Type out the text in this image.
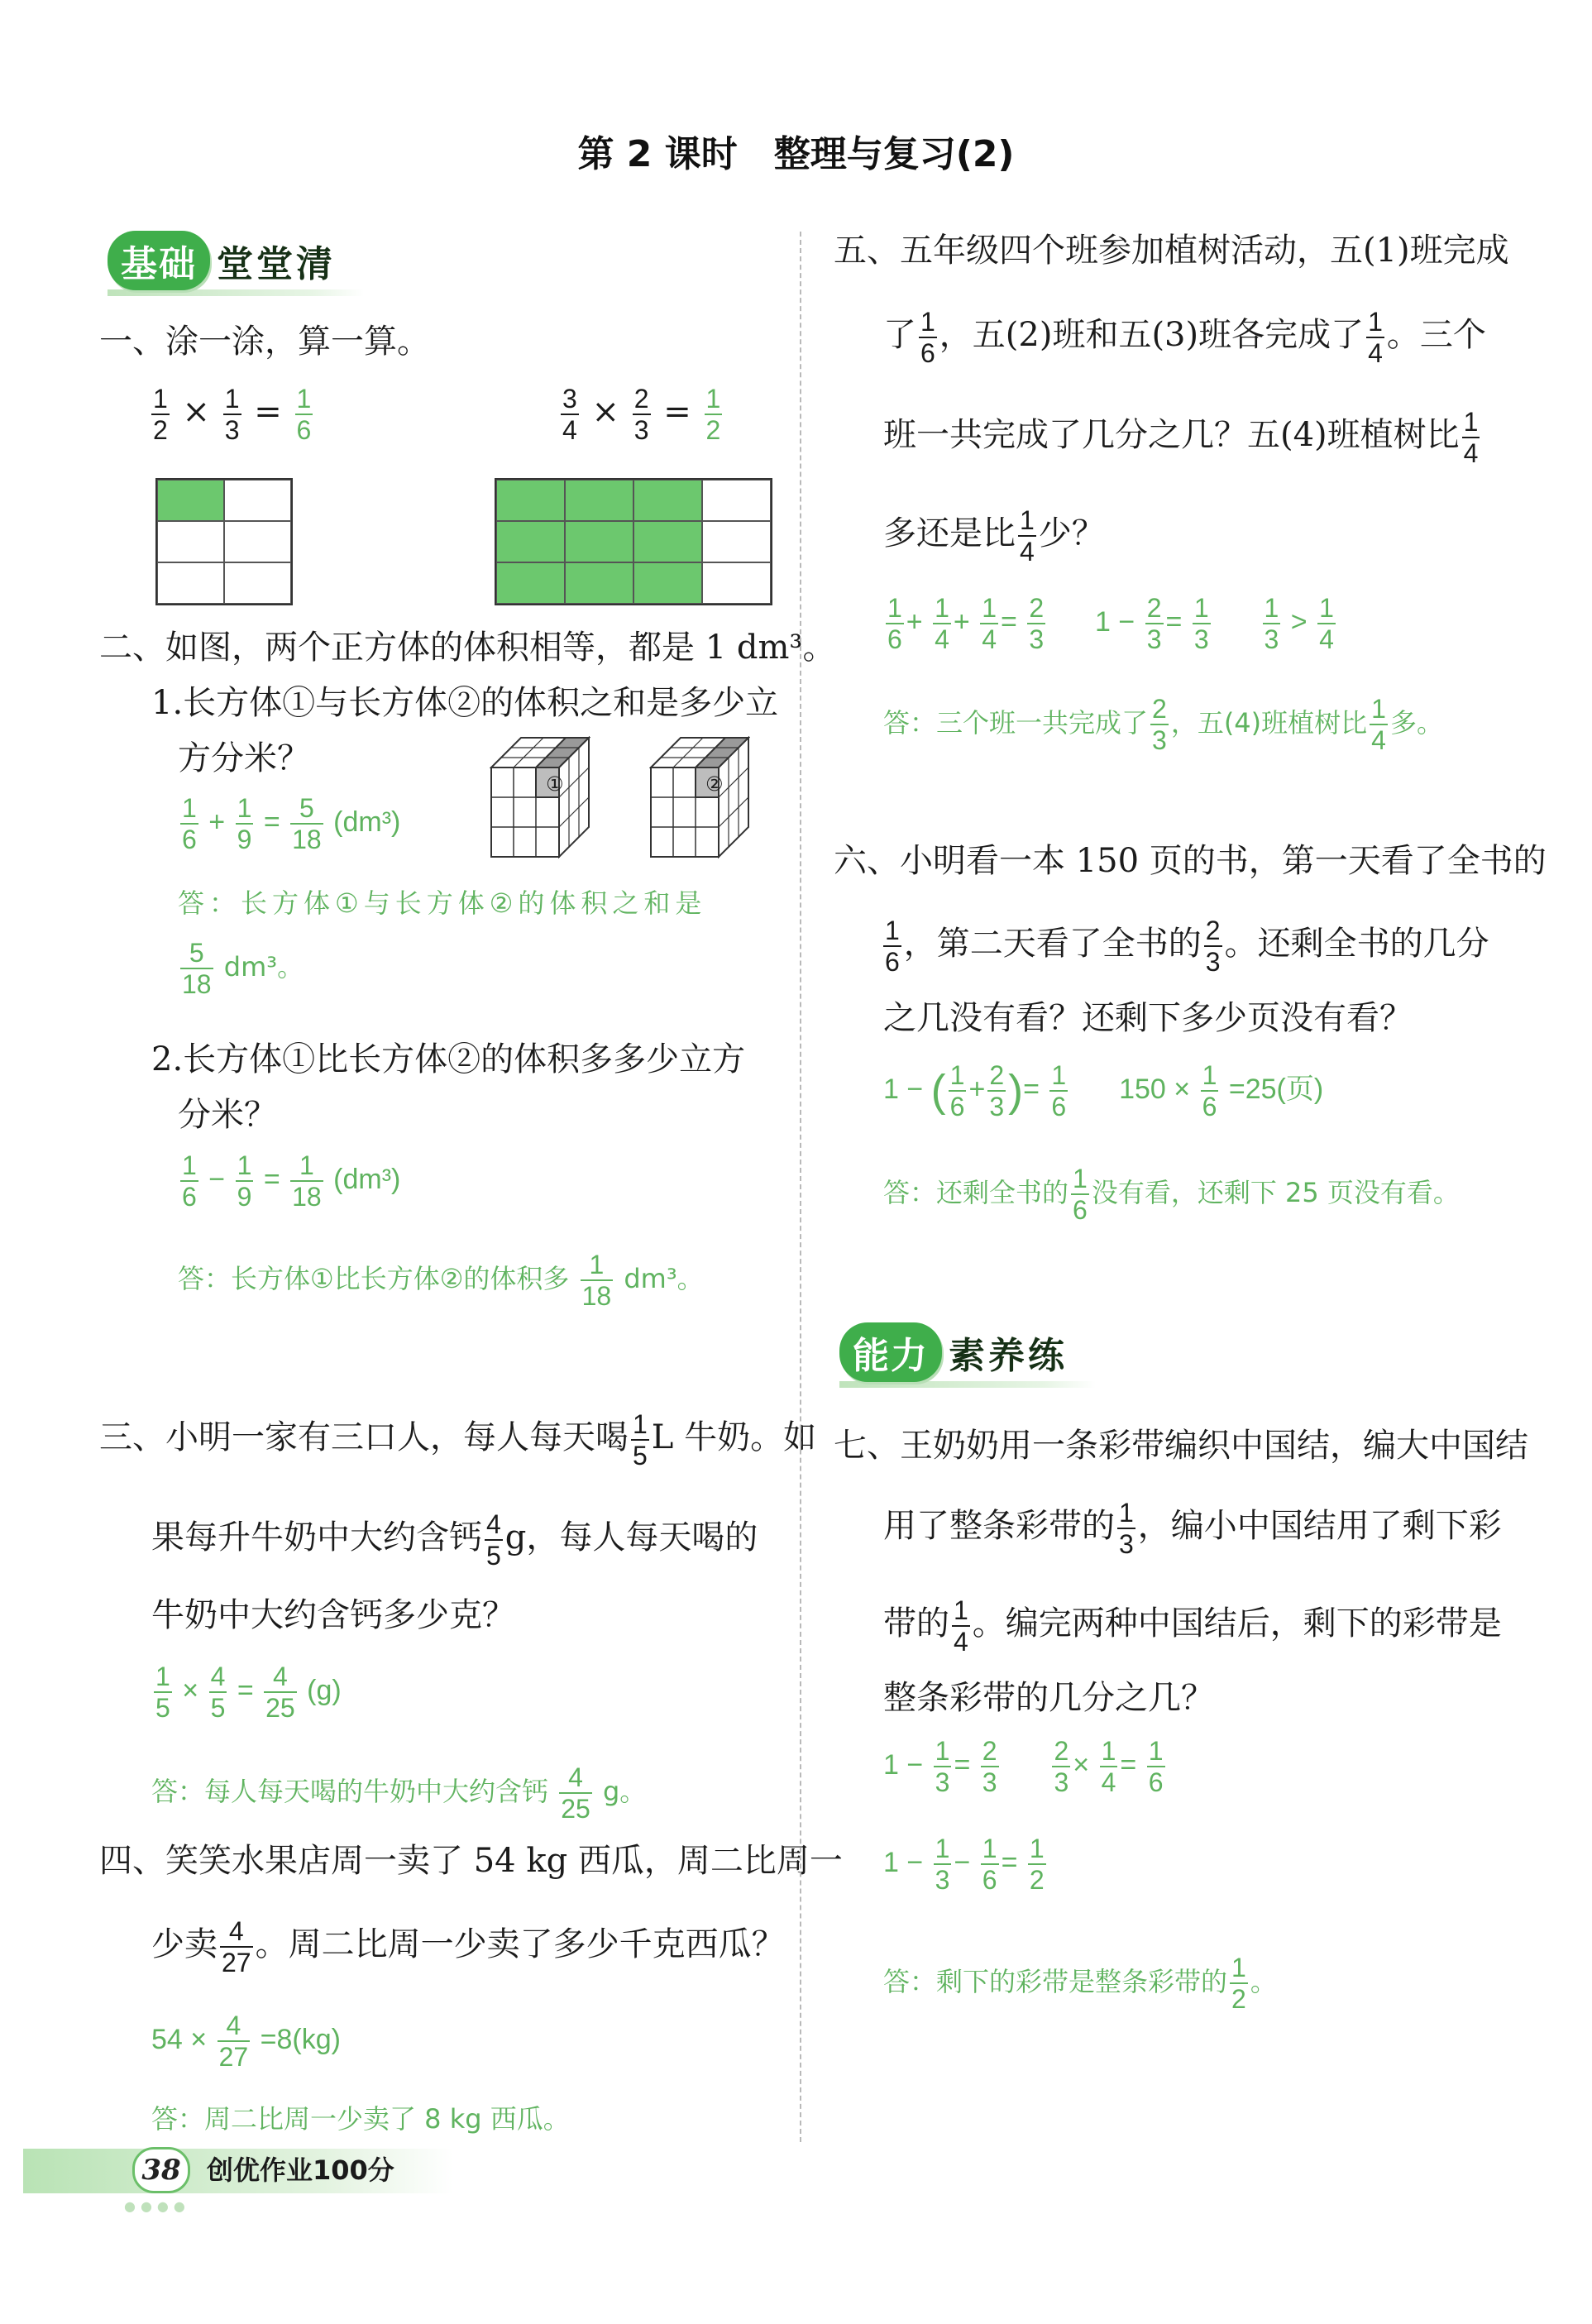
第 2 课时　整理与复习(2)
基础 堂堂清
一、涂一涂，算一算。
$\frac{1}{2} \times \frac{1}{3} = \frac{1}{6}$	$\frac{3}{4} \times \frac{2}{3} = \frac{1}{2}$
二、如图，两个正方体的体积相等，都是 1 dm³。
1.长方体①与长方体②的体积之和是多少立
方分米？
①	②
$\frac{1}{6} + \frac{1}{9} = \frac{5}{18} (dm^3)$
答：长方体①与长方体②的体积之和是
$\frac{5}{18} dm^3$。
2.长方体①比长方体②的体积多多少立方
分米？
$\frac{1}{6} - \frac{1}{9} = \frac{1}{18} (dm^3)$
答：长方体①比长方体②的体积多 $\frac{1}{18} dm^3$。
三、小明一家有三口人，每人每天喝 $\frac{1}{5}$ L 牛奶。如
果每升牛奶中大约含钙 $\frac{4}{5}$ g，每人每天喝的
牛奶中大约含钙多少克？
$\frac{1}{5} \times \frac{4}{5} = \frac{4}{25} (g)$
答：每人每天喝的牛奶中大约含钙 $\frac{4}{25}$ g。
四、笑笑水果店周一卖了 54 kg 西瓜，周二比周一
少卖 $\frac{4}{27}$ 。周二比周一少卖了多少千克西瓜？
$54 \times \frac{4}{27} =8(kg)$
答：周二比周一少卖了 8 kg 西瓜。
五、五年级四个班参加植树活动，五(1)班完成
了 $\frac{1}{6}$ ，五(2)班和五(3)班各完成了 $\frac{1}{4}$ 。三个
班一共完成了几分之几？五(4)班植树比 $\frac{1}{4}$
多还是比 $\frac{1}{4}$ 少？
$\frac{1}{6} + \frac{1}{4} + \frac{1}{4} = \frac{2}{3} 1 - \frac{2}{3} = \frac{1}{3}$
$\frac{1}{3} > \frac{1}{4}$
答：三个班一共完成了 $\frac{2}{3}$ ，五(4)班植树比 $\frac{1}{4}$ 多。
六、小明看一本 150 页的书，第一天看了全书的
$\frac{1}{6}$ ，第二天看了全书的 $\frac{2}{3}$ 。还剩全书的几分
之几没有看？还剩下多少页没有看？
1 − ( $\frac{1}{6} + \frac{2}{3}$ )= $\frac{1}{6} 150 \times \frac{1}{6} =25$(页)
答：还剩全书的 $\frac{1}{6}$ 没有看，还剩下 25 页没有看。
能力 素养练
七、王奶奶用一条彩带编织中国结，编大中国结
用了整条彩带的 $\frac{1}{3}$ ，编小中国结用了剩下彩
带的 $\frac{1}{4}$ 。编完两种中国结后，剩下的彩带是
整条彩带的几分之几？
$1 - \frac{1}{3} = \frac{2}{3}$
$\frac{2}{3} \times \frac{1}{4} = \frac{1}{6}$
$1 - \frac{1}{3} - \frac{1}{6} = \frac{1}{2}$
答：剩下的彩带是整条彩带的 $\frac{1}{2}$ 。
38 创优作业100分
●●●●
